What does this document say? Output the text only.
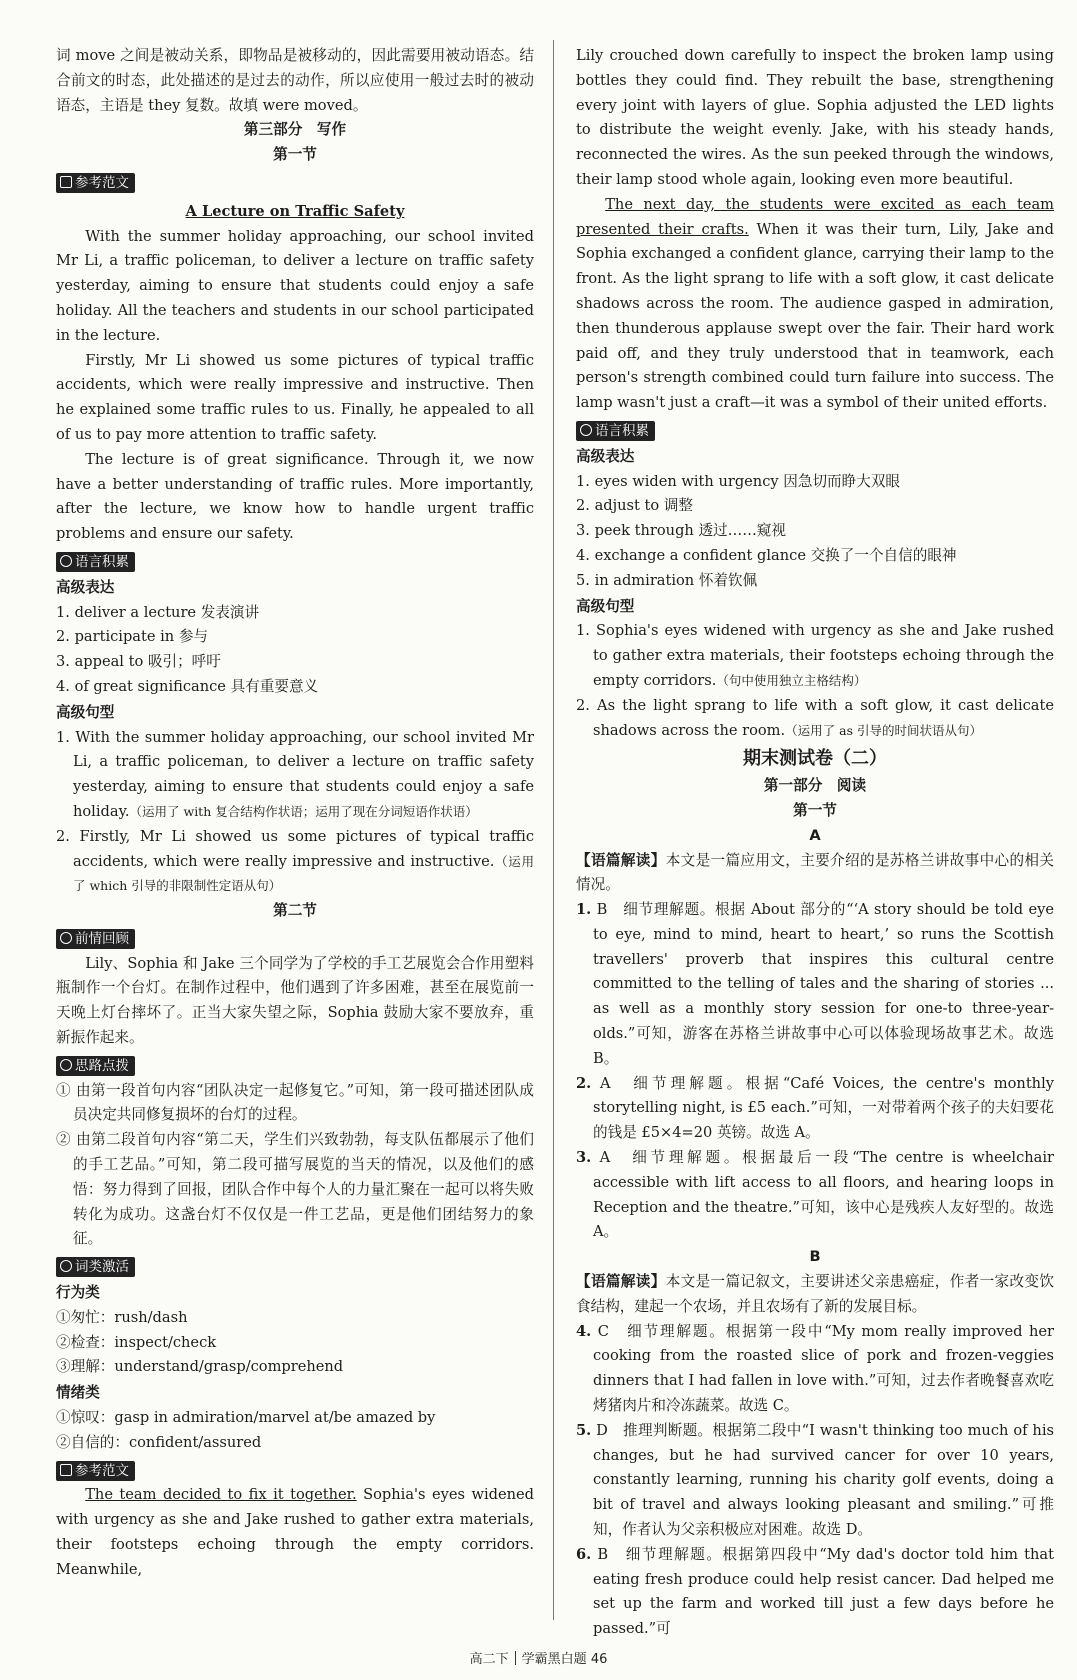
词 move 之间是被动关系，即物品是被移动的，因此需要用被动语态。结合前文的时态，此处描述的是过去的动作，所以应使用一般过去时的被动语态，主语是 they 复数。故填 were moved。

第三部分　写作
第一节
参考范文
A Lecture on Traffic Safety

With the summer holiday approaching, our school invited Mr Li, a traffic policeman, to deliver a lecture on traffic safety yesterday, aiming to ensure that students could enjoy a safe holiday. All the teachers and students in our school participated in the lecture.

Firstly, Mr Li showed us some pictures of typical traffic accidents, which were really impressive and instructive. Then he explained some traffic rules to us. Finally, he appealed to all of us to pay more attention to traffic safety.

The lecture is of great significance. Through it, we now have a better understanding of traffic rules. More importantly, after the lecture, we know how to handle urgent traffic problems and ensure our safety.

语言积累
高级表达
1. deliver a lecture 发表演讲
2. participate in 参与
3. appeal to 吸引；呼吁
4. of great significance 具有重要意义
高级句型
1. With the summer holiday approaching, our school invited Mr Li, a traffic policeman, to deliver a lecture on traffic safety yesterday, aiming to ensure that students could enjoy a safe holiday.（运用了 with 复合结构作状语；运用了现在分词短语作状语）
2. Firstly, Mr Li showed us some pictures of typical traffic accidents, which were really impressive and instructive.（运用了 which 引导的非限制性定语从句）
第二节
前情回顾

Lily、Sophia 和 Jake 三个同学为了学校的手工艺展览会合作用塑料瓶制作一个台灯。在制作过程中，他们遇到了许多困难，甚至在展览前一天晚上灯台摔坏了。正当大家失望之际，Sophia 鼓励大家不要放弃，重新振作起来。

思路点拨
① 由第一段首句内容“团队决定一起修复它。”可知，第一段可描述团队成员决定共同修复损坏的台灯的过程。
② 由第二段首句内容“第二天，学生们兴致勃勃，每支队伍都展示了他们的手工艺品。”可知，第二段可描写展览的当天的情况，以及他们的感悟：努力得到了回报，团队合作中每个人的力量汇聚在一起可以将失败转化为成功。这盏台灯不仅仅是一件工艺品，更是他们团结努力的象征。
词类激活
行为类
①匆忙：rush/dash
②检查：inspect/check
③理解：understand/grasp/comprehend
情绪类
①惊叹：gasp in admiration/marvel at/be amazed by
②自信的：confident/assured
参考范文

The team decided to fix it together. Sophia's eyes widened with urgency as she and Jake rushed to gather extra materials, their footsteps echoing through the empty corridors. Meanwhile,

Lily crouched down carefully to inspect the broken lamp using bottles they could find. They rebuilt the base, strengthening every joint with layers of glue. Sophia adjusted the LED lights to distribute the weight evenly. Jake, with his steady hands, reconnected the wires. As the sun peeked through the windows, their lamp stood whole again, looking even more beautiful.

The next day, the students were excited as each team presented their crafts. When it was their turn, Lily, Jake and Sophia exchanged a confident glance, carrying their lamp to the front. As the light sprang to life with a soft glow, it cast delicate shadows across the room. The audience gasped in admiration, then thunderous applause swept over the fair. Their hard work paid off, and they truly understood that in teamwork, each person's strength combined could turn failure into success. The lamp wasn't just a craft—it was a symbol of their united efforts.

语言积累
高级表达
1. eyes widen with urgency 因急切而睁大双眼
2. adjust to 调整
3. peek through 透过……窥视
4. exchange a confident glance 交换了一个自信的眼神
5. in admiration 怀着钦佩
高级句型
1. Sophia's eyes widened with urgency as she and Jake rushed to gather extra materials, their footsteps echoing through the empty corridors.（句中使用独立主格结构）
2. As the light sprang to life with a soft glow, it cast delicate shadows across the room.（运用了 as 引导的时间状语从句）
期末测试卷（二）
第一部分　阅读
第一节
A

【语篇解读】本文是一篇应用文，主要介绍的是苏格兰讲故事中心的相关情况。

1. B　细节理解题。根据 About 部分的“‘A story should be told eye to eye, mind to mind, heart to heart,’ so runs the Scottish travellers' proverb that inspires this cultural centre committed to the telling of tales and the sharing of stories ... as well as a monthly story session for one-to three-year-olds.”可知，游客在苏格兰讲故事中心可以体验现场故事艺术。故选 B。

2. A　细节理解题。根据“Café Voices, the centre's monthly storytelling night, is £5 each.”可知，一对带着两个孩子的夫妇要花的钱是 £5×4=20 英镑。故选 A。

3. A　细节理解题。根据最后一段“The centre is wheelchair accessible with lift access to all floors, and hearing loops in Reception and the theatre.”可知，该中心是残疾人友好型的。故选 A。

B

【语篇解读】本文是一篇记叙文，主要讲述父亲患癌症，作者一家改变饮食结构，建起一个农场，并且农场有了新的发展目标。

4. C　细节理解题。根据第一段中“My mom really improved her cooking from the roasted slice of pork and frozen-veggies dinners that I had fallen in love with.”可知，过去作者晚餐喜欢吃烤猪肉片和冷冻蔬菜。故选 C。

5. D　推理判断题。根据第二段中“I wasn't thinking too much of his changes, but he had survived cancer for over 10 years, constantly learning, running his charity golf events, doing a bit of travel and always looking pleasant and smiling.”可推知，作者认为父亲积极应对困难。故选 D。

6. B　细节理解题。根据第四段中“My dad's doctor told him that eating fresh produce could help resist cancer. Dad helped me set up the farm and worked till just a few days before he passed.”可

高二下 学霸黑白题 46
